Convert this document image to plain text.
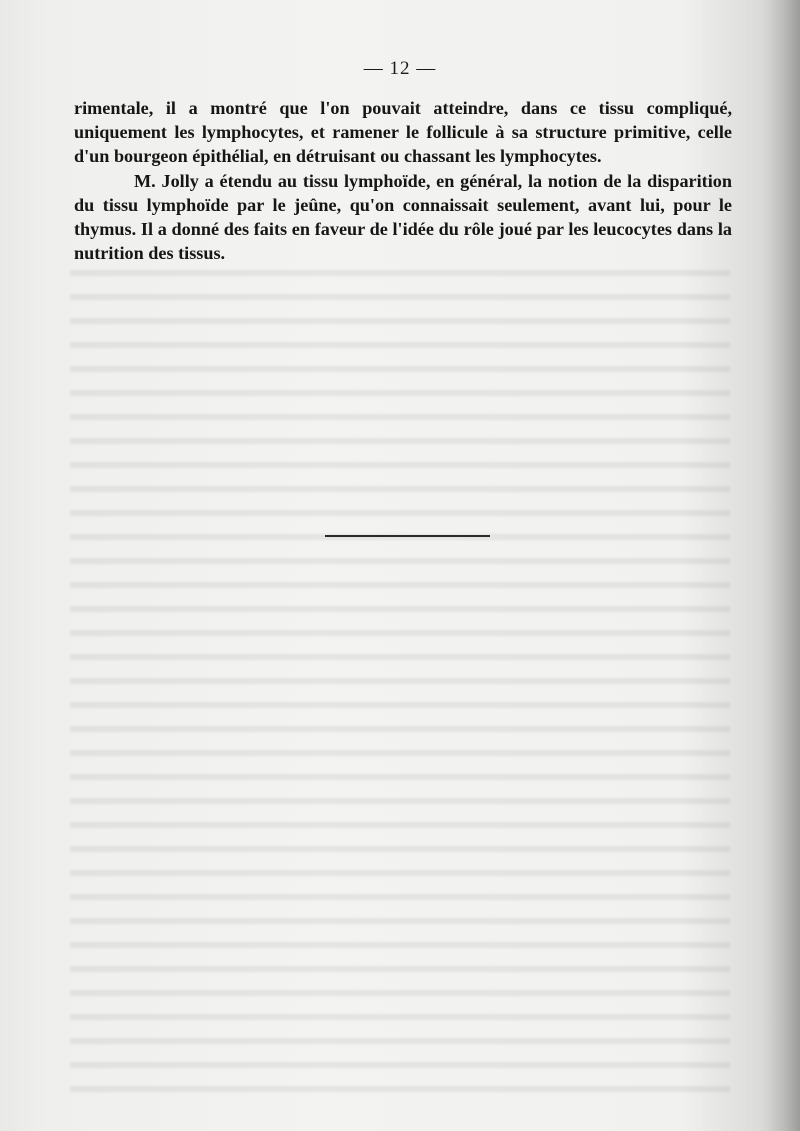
— 12 —

rimentale, il a montré que l'on pouvait atteindre, dans ce tissu compliqué, uniquement les lymphocytes, et ramener le follicule à sa structure primitive, celle d'un bourgeon épithélial, en détruisant ou chassant les lymphocytes.

M. Jolly a étendu au tissu lymphoïde, en général, la notion de la disparition du tissu lymphoïde par le jeûne, qu'on connaissait seulement, avant lui, pour le thymus. Il a donné des faits en faveur de l'idée du rôle joué par les leucocytes dans la nutrition des tissus.
